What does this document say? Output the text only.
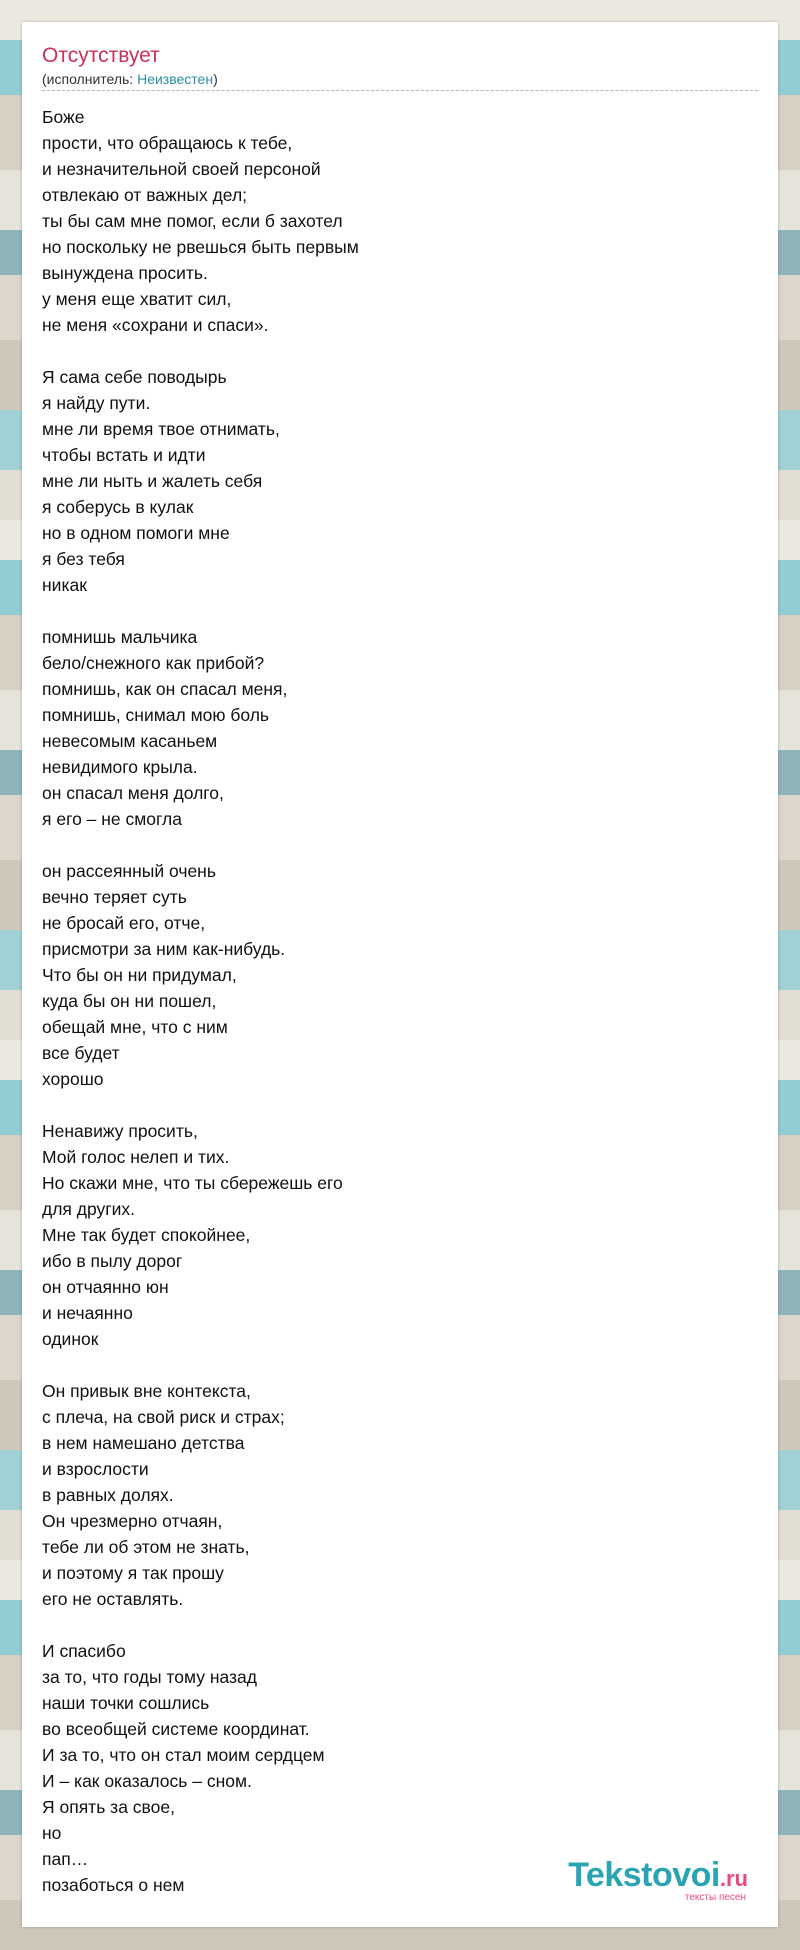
Отсутствует
(исполнитель: Неизвестен)
Боже
прости, что обращаюсь к тебе,
и незначительной своей персоной
отвлекаю от важных дел;
ты бы сам мне помог, если б захотел
но поскольку не рвешься быть первым
вынуждена просить.
у меня еще хватит сил,
не меня «сохрани и спаси».
Я сама себе поводырь
я найду пути.
мне ли время твое отнимать,
чтобы встать и идти
мне ли ныть и жалеть себя
я соберусь в кулак
но в одном помоги мне
я без тебя
никак
помнишь мальчика
бело/снежного как прибой?
помнишь, как он спасал меня,
помнишь, снимал мою боль
невесомым касаньем
невидимого крыла.
он спасал меня долго,
я его – не смогла
он рассеянный очень
вечно теряет суть
не бросай его, отче,
присмотри за ним как-нибудь.
Что бы он ни придумал,
куда бы он ни пошел,
обещай мне, что с ним
все будет
хорошо
Ненавижу просить,
Мой голос нелеп и тих.
Но скажи мне, что ты сбережешь его
для других.
Мне так будет спокойнее,
ибо в пылу дорог
он отчаянно юн
и нечаянно
одинок
Он привык вне контекста,
с плеча, на свой риск и страх;
в нем намешано детства
и взрослости
в равных долях.
Он чрезмерно отчаян,
тебе ли об этом не знать,
и поэтому я так прошу
его не оставлять.
И спасибо
за то, что годы тому назад
наши точки сошлись
во всеобщей системе координат.
И за то, что он стал моим сердцем
И – как оказалось – сном.
Я опять за свое,
но
пап…
позаботься о нем	Tekstovoi.ru
тексты песен
